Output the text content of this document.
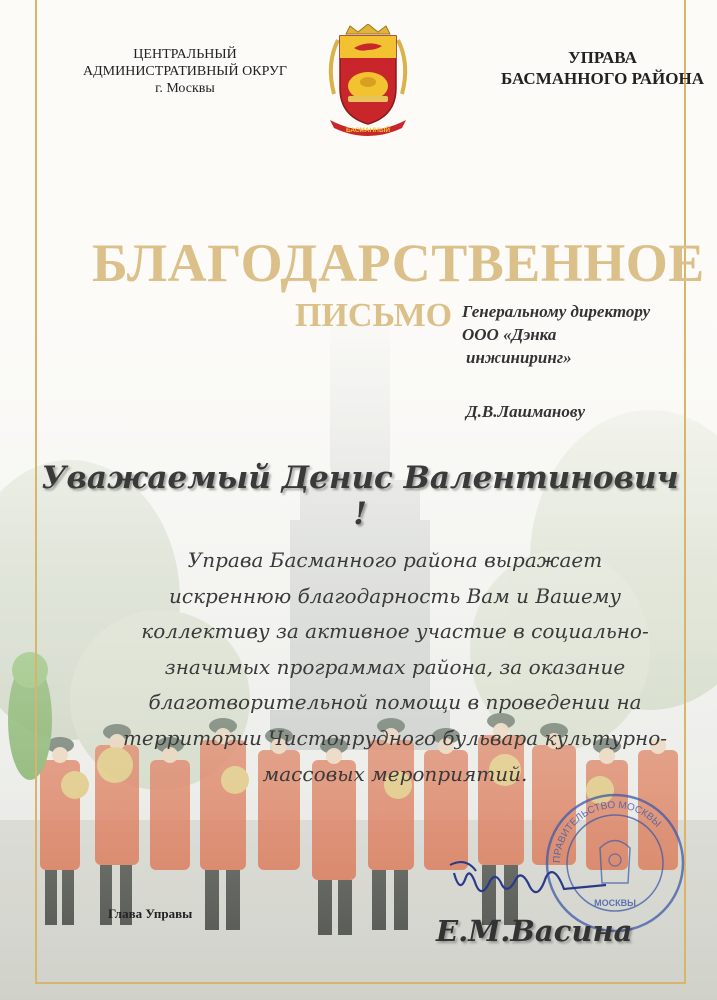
ЦЕНТРАЛЬНЫЙ
АДМИНИСТРАТИВНЫЙ ОКРУГ
г. Москвы
БАСМАННЫЙ
УПРАВА
БАСМАННОГО РАЙОНА
БЛАГОДАРСТВЕННОЕ
ПИСЬМО Генеральному директору
ООО «Дэнка
инжиниринг»
Д.В.Лашманову
Уважаемый Денис Валентинович !
Управа Басманного района выражает
искреннюю благодарность Вам и Вашему
коллективу за активное участие в социально-
значимых программах района, за оказание
благотворительной помощи в проведении на
территории Чистопрудного бульвара культурно-
массовых мероприятий.
ПРАВИТЕЛЬСТВО МОСКВЫ
МОСКВЫ
Глава Управы
Е.М.Васина
